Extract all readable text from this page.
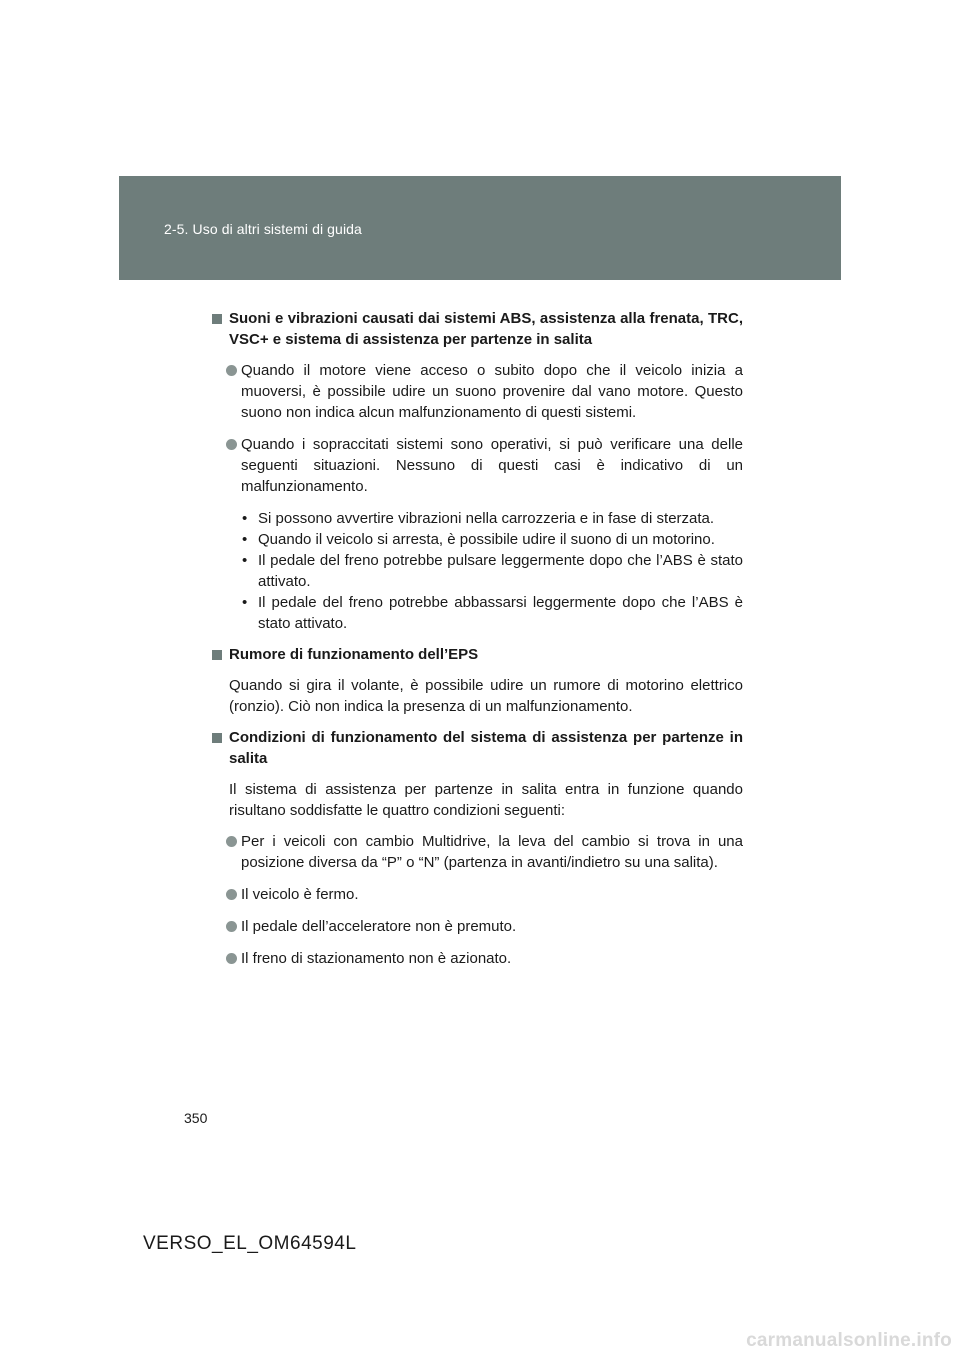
2-5. Uso di altri sistemi di guida

Suoni e vibrazioni causati dai sistemi ABS, assistenza alla frenata, TRC, VSC+ e sistema di assistenza per partenze in salita

Quando il motore viene acceso o subito dopo che il veicolo inizia a muoversi, è possibile udire un suono provenire dal vano motore. Questo suono non indica alcun malfunzionamento di questi sistemi.

Quando i sopraccitati sistemi sono operativi, si può verificare una delle seguenti situazioni. Nessuno di questi casi è indicativo di un malfunzionamento.

• Si possono avvertire vibrazioni nella carrozzeria e in fase di sterzata.
• Quando il veicolo si arresta, è possibile udire il suono di un motorino.
• Il pedale del freno potrebbe pulsare leggermente dopo che l’ABS è stato attivato.
• Il pedale del freno potrebbe abbassarsi leggermente dopo che l’ABS è stato attivato.

Rumore di funzionamento dell’EPS

Quando si gira il volante, è possibile udire un rumore di motorino elettrico (ronzio). Ciò non indica la presenza di un malfunzionamento.

Condizioni di funzionamento del sistema di assistenza per partenze in salita

Il sistema di assistenza per partenze in salita entra in funzione quando risultano soddisfatte le quattro condizioni seguenti:

Per i veicoli con cambio Multidrive, la leva del cambio si trova in una posizione diversa da “P” o “N” (partenza in avanti/indietro su una salita).

Il veicolo è fermo.

Il pedale dell’acceleratore non è premuto.

Il freno di stazionamento non è azionato.

350
VERSO_EL_OM64594L
carmanualsonline.info
